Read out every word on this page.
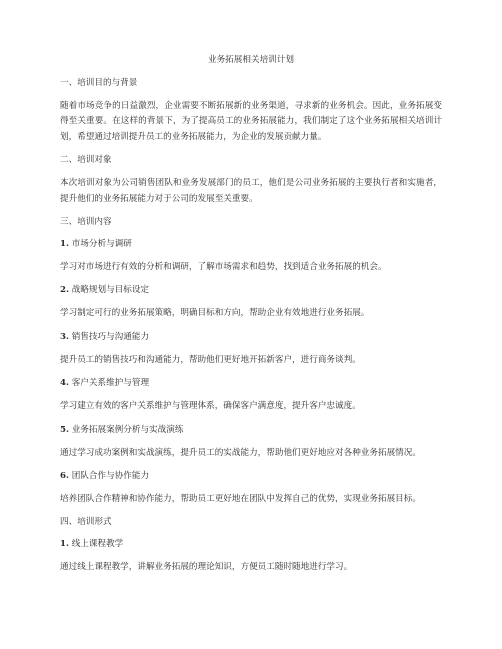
业务拓展相关培训计划
一、培训目的与背景
随着市场竞争的日益激烈，企业需要不断拓展新的业务渠道，寻求新的业务机会。因此，业务拓展变得至关重要。在这样的背景下，为了提高员工的业务拓展能力，我们制定了这个业务拓展相关培训计划，希望通过培训提升员工的业务拓展能力，为企业的发展贡献力量。
二、培训对象
本次培训对象为公司销售团队和业务发展部门的员工，他们是公司业务拓展的主要执行者和实施者，提升他们的业务拓展能力对于公司的发展至关重要。
三、培训内容
1. 市场分析与调研
学习对市场进行有效的分析和调研，了解市场需求和趋势，找到适合业务拓展的机会。
2. 战略规划与目标设定
学习制定可行的业务拓展策略，明确目标和方向，帮助企业有效地进行业务拓展。
3. 销售技巧与沟通能力
提升员工的销售技巧和沟通能力，帮助他们更好地开拓新客户，进行商务谈判。
4. 客户关系维护与管理
学习建立有效的客户关系维护与管理体系，确保客户满意度，提升客户忠诚度。
5. 业务拓展案例分析与实战演练
通过学习成功案例和实战演练，提升员工的实战能力，帮助他们更好地应对各种业务拓展情况。
6. 团队合作与协作能力
培养团队合作精神和协作能力，帮助员工更好地在团队中发挥自己的优势，实现业务拓展目标。
四、培训形式
1. 线上课程教学
通过线上课程教学，讲解业务拓展的理论知识，方便员工随时随地进行学习。
